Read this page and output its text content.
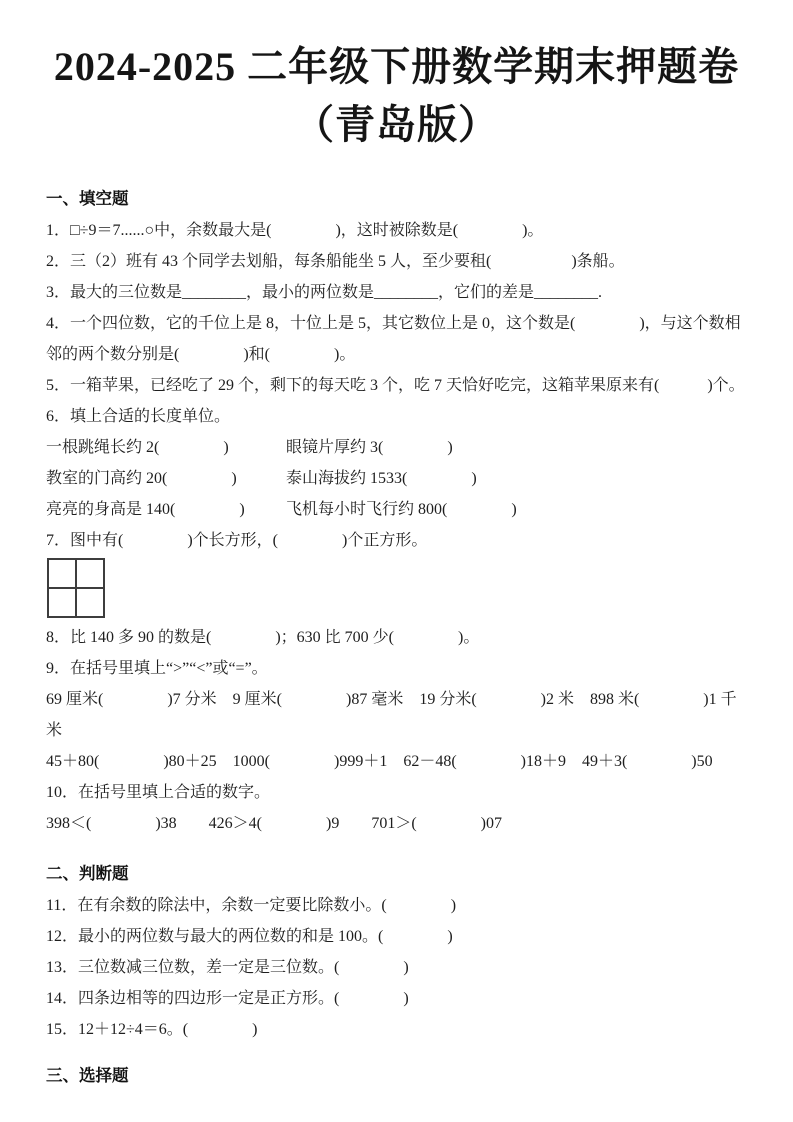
2024-2025 二年级下册数学期末押题卷
（青岛版）

一、填空题

1．□÷9＝7......○中，余数最大是(　　　　)，这时被除数是(　　　　)。

2．三（2）班有 43 个同学去划船，每条船能坐 5 人，至少要租(　　　　　)条船。

3．最大的三位数是________，最小的两位数是________，它们的差是________.

4．一个四位数，它的千位上是 8，十位上是 5，其它数位上是 0，这个数是(　　　　)，与这个数相

邻的两个数分别是(　　　　)和(　　　　)。

5．一箱苹果，已经吃了 29 个，剩下的每天吃 3 个，吃 7 天恰好吃完，这箱苹果原来有(　　　)个。

6．填上合适的长度单位。

一根跳绳长约 2(　　　　)	眼镜片厚约 3(　　　　)

教室的门高约 20(　　　　)	泰山海拔约 1533(　　　　)

亮亮的身高是 140(　　　　)	飞机每小时飞行约 800(　　　　)

7．图中有(　　　　)个长方形，(　　　　)个正方形。

8．比 140 多 90 的数是(　　　　)；630 比 700 少(　　　　)。

9．在括号里填上“>”“<”或“=”。

69 厘米(　　　　)7 分米　9 厘米(　　　　)87 毫米　19 分米(　　　　)2 米　898 米(　　　　)1 千

米

45＋80(　　　　)80＋25　1000(　　　　)999＋1　62－48(　　　　)18＋9　49＋3(　　　　)50

10．在括号里填上合适的数字。

398＜(　　　　)38　　426＞4(　　　　)9　　701＞(　　　　)07

二、判断题

11．在有余数的除法中，余数一定要比除数小。(　　　　)

12．最小的两位数与最大的两位数的和是 100。(　　　　)

13．三位数减三位数，差一定是三位数。(　　　　)

14．四条边相等的四边形一定是正方形。(　　　　)

15．12＋12÷4＝6。(　　　　)

三、选择题
